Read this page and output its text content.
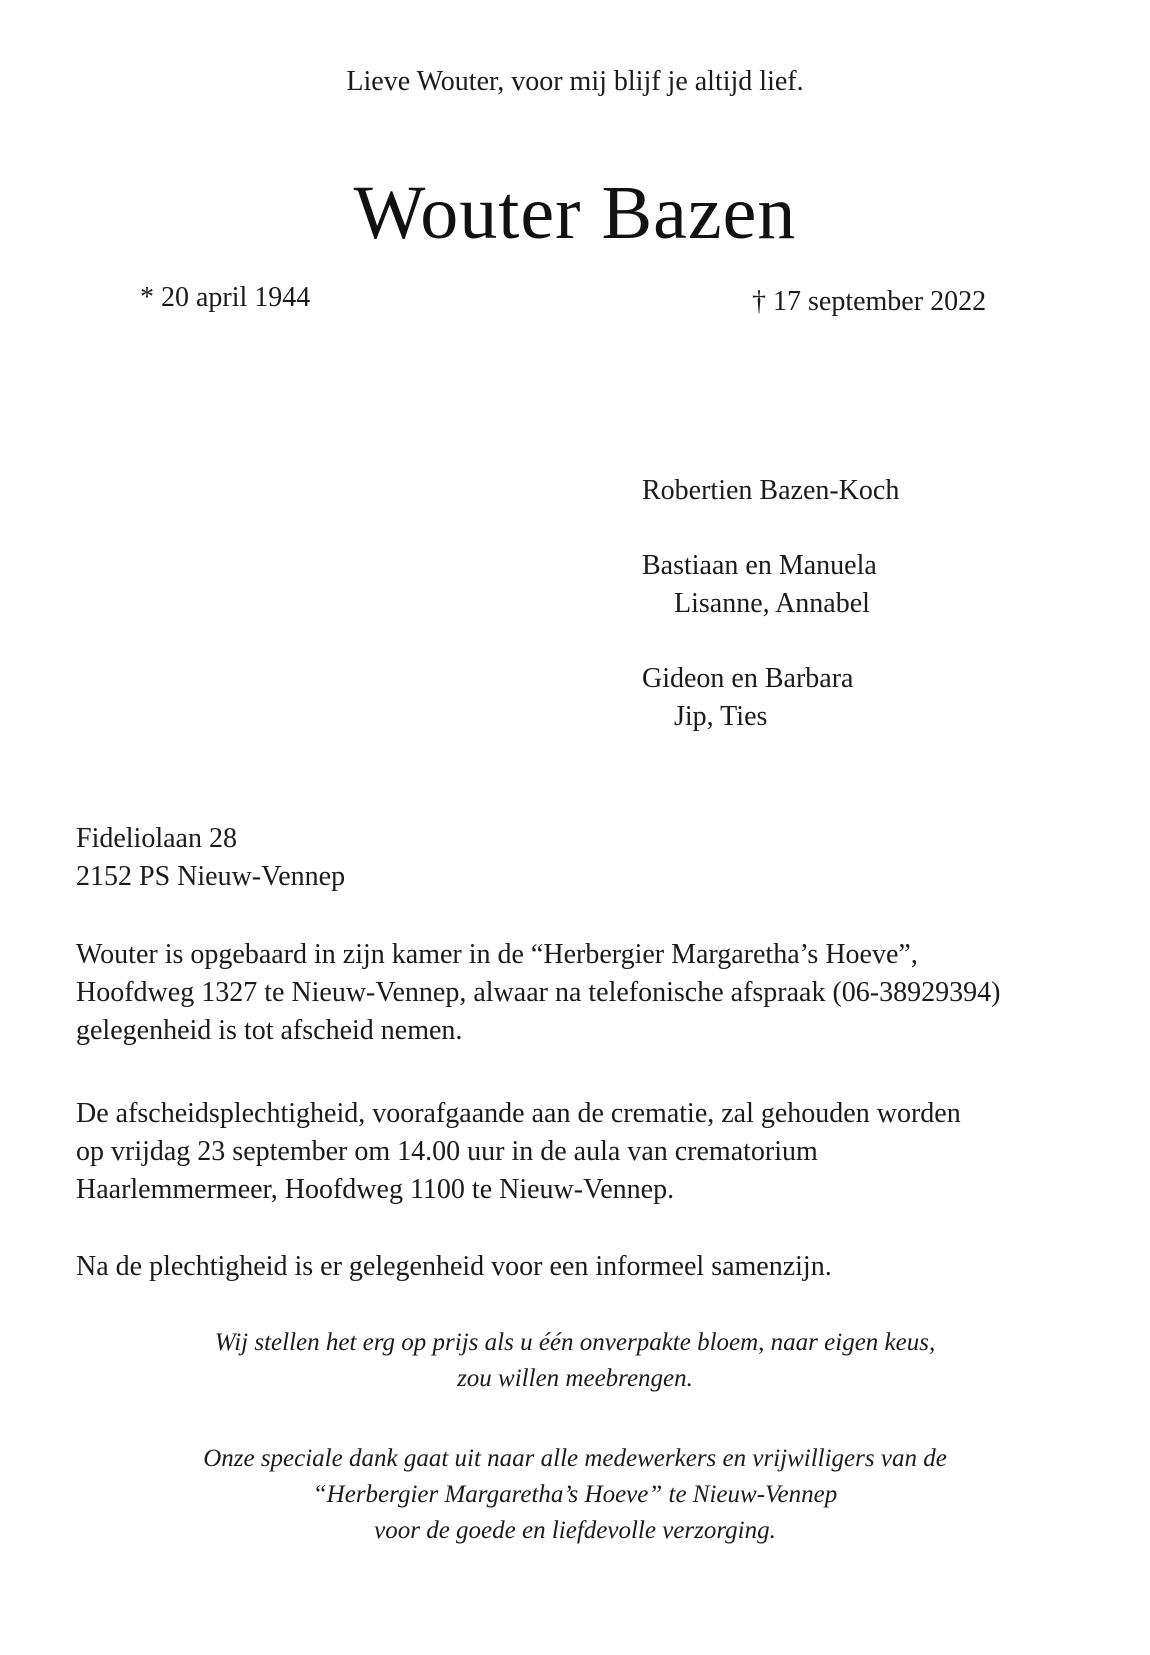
Lieve Wouter, voor mij blijf je altijd lief.
Wouter Bazen
* 20 april 1944	† 17 september 2022
Robertien Bazen-Koch
Bastiaan en Manuela
Lisanne, Annabel
Gideon en Barbara
Jip, Ties
Fideliolaan 28
2152 PS Nieuw-Vennep
Wouter is opgebaard in zijn kamer in de “Herbergier Margaretha’s Hoeve”,
Hoofdweg 1327 te Nieuw-Vennep, alwaar na telefonische afspraak (06-38929394)
gelegenheid is tot afscheid nemen.
De afscheidsplechtigheid, voorafgaande aan de crematie, zal gehouden worden
op vrijdag 23 september om 14.00 uur in de aula van crematorium
Haarlemmermeer, Hoofdweg 1100 te Nieuw-Vennep.
Na de plechtigheid is er gelegenheid voor een informeel samenzijn.
Wij stellen het erg op prijs als u één onverpakte bloem, naar eigen keus,
zou willen meebrengen.
Onze speciale dank gaat uit naar alle medewerkers en vrijwilligers van de
“Herbergier Margaretha’s Hoeve” te Nieuw-Vennep
voor de goede en liefdevolle verzorging.
